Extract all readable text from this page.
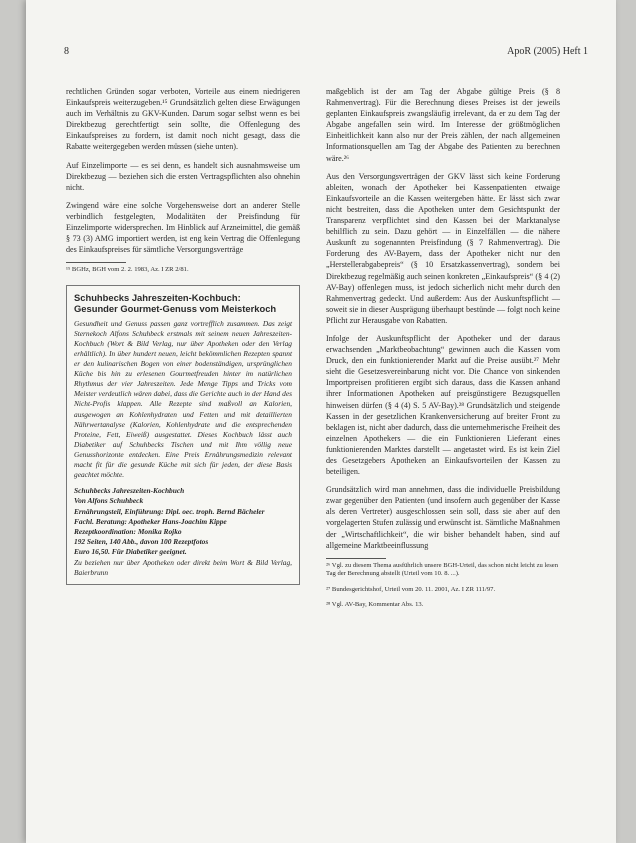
8	ApoR (2005) Heft 1

rechtlichen Gründen sogar verboten, Vorteile aus einem niedrigeren Einkaufspreis weiterzugeben.¹⁵ Grundsätzlich gelten diese Erwägungen auch im Verhältnis zu GKV-Kunden. Darum sogar selbst wenn es bei Direktbezug gerechtfertigt sein sollte, die Offenlegung des Einkaufspreises zu fordern, ist damit noch nicht gesagt, dass die Rabatte weitergegeben werden müssen (siehe unten).

Auf Einzelimporte — es sei denn, es handelt sich ausnahmsweise um Direktbezug — beziehen sich die ersten Vertragspflichten also ohnehin nicht.

Zwingend wäre eine solche Vorgehensweise dort an anderer Stelle verbindlich festgelegten, Modalitäten der Preisfindung für Einzelimporte widersprechen. Im Hinblick auf Arzneimittel, die gemäß § 73 (3) AMG importiert werden, ist eng kein Vertrag die Offenlegung des Einkaufspreises für sämtliche Versorgungsverträge

¹⁵ BGHz, BGH vom 2. 2. 1983, Az. I ZR 2/81.

Schuhbecks Jahreszeiten-Kochbuch:
Gesunder Gourmet-Genuss vom Meisterkoch
Gesundheit und Genuss passen ganz vortrefflich zusammen. Das zeigt Sternekoch Alfons Schuhbeck erstmals mit seinem neuen Jahreszeiten-Kochbuch (Wort & Bild Verlag, nur über Apotheken oder den Verlag erhältlich). In über hundert neuen, leicht bekömmlichen Rezepten spannt er den kulinarischen Bogen von einer bodenständigen, ursprünglichen Küche bis hin zu erlesenen Gourmetfreuden hinter im natürlichen Rhythmus der vier Jahreszeiten. Jede Menge Tipps und Tricks vom Meister verdeutlich wären dabei, dass die Gerichte auch in der Hand des Nicht-Profis klappen. Alle Rezepte sind maßvoll an Kalorien, ausgewogen an Kohlenhydraten und Fetten und mit detaillierten Nährwertanalyse (Kalorien, Kohlenhydrate und die entsprechenden Proteine, Fett, Eiweiß) ausgestattet. Dieses Kochbuch lässt auch Diabetiker auf Schuhbecks Tischen und mit Ihm völlig neue Genusshorizonte entdecken. Eine Preis Ernährungsmedizin relevant macht fit für die gesunde Küche mit sich für jeden, der diese Basis geachtet möchte.
Schuhbecks Jahreszeiten-Kochbuch
Von Alfons Schuhbeck
Ernährungsteil, Einführung: Dipl. oec. troph. Bernd Bächeler
Fachl. Beratung: Apotheker Hans-Joachim Kippe
Rezeptkoordination: Monika Rojko
192 Seiten, 140 Abb., davon 100 Rezeptfotos
Euro 16,50. Für Diabetiker geeignet.
Zu beziehen nur über Apotheken oder direkt beim Wort & Bild Verlag, Baierbrunn

maßgeblich ist der am Tag der Abgabe gültige Preis (§ 8 Rahmenvertrag). Für die Berechnung dieses Preises ist der jeweils geplanten Einkaufspreis zwangsläufig irrelevant, da er zu dem Tag der Abgabe angefallen sein wird. Im Interesse der größtmöglichen Einheitlichkeit kann also nur der Preis zählen, der nach allgemeinen Informationsquellen am Tag der Abgabe des Patienten zu berechnen wäre.²⁶

Aus den Versorgungsverträgen der GKV lässt sich keine Forderung ableiten, wonach der Apotheker bei Kassenpatienten etwaige Einkaufsvorteile an die Kassen weitergeben hätte. Er lässt sich zwar nicht bestreiten, dass die Apotheken unter dem Gesichtspunkt der Transparenz verpflichtet sind den Kassen bei der Marktanalyse behilflich zu sein. Dazu gehört — in Einzelfällen — die nähere Auskunft zu sogenannten Preisfindung (§ 7 Rahmenvertrag). Die Forderung des AV-Bayern, dass der Apotheker nicht nur den „Herstellerabgabepreis“ (§ 10 Ersatzkassenvertrag), sondern bei Direktbezug regelmäßig auch seinen konkreten „Einkaufspreis“ (§ 4 (2) AV-Bay) offenlegen muss, ist jedoch sicherlich nicht mehr durch den Rahmenvertrag gedeckt. Und außerdem: Aus der Auskunftspflicht — soweit sie in dieser Ausprägung überhaupt bestünde — folgt noch keine Pflicht zur Herausgabe von Rabatten.

Infolge der Auskunftspflicht der Apotheker und der daraus erwachsenden „Marktbeobachtung“ gewinnen auch die Kassen vom Druck, den ein funktionierender Markt auf die Preise ausübt.²⁷ Mehr sieht die Gesetzesvereinbarung nicht vor. Die Chance von sinkenden Importpreisen profitieren ergibt sich daraus, dass die Kassen anhand ihrer Informationen Apotheken auf preisgünstigere Bezugsquellen hinweisen dürfen (§ 4 (4) S. 5 AV-Bay).²⁸ Grundsätzlich und steigende Kassen in der gesetzlichen Krankenversicherung auf breiter Front zu beklagen ist, nicht aber dadurch, dass die unternehmerische Freiheit des einzelnen Apothekers — die ein Funktionieren Lieferant eines funktionierenden Marktes darstellt — angetastet wird. Es ist kein Ziel des Gesetzgebers Apotheken an Einkaufsvorteilen der Kassen zu beteiligen.

Grundsätzlich wird man annehmen, dass die individuelle Preisbildung zwar gegenüber den Patienten (und insofern auch gegenüber der Kasse als deren Vertreter) ausgeschlossen sein soll, dass sie aber auf den vorgelagerten Stufen zulässig und erwünscht ist. Sämtliche Maßnahmen der „Wirtschaftlichkeit“, die wir bisher behandelt haben, sind auf allgemeine Marktbeeinflussung

²⁶ Vgl. zu diesem Thema ausführlich unsere BGH-Urteil, das schon nicht leicht zu lesen Tag der Berechnung abstellt (Urteil vom 10. 8. ...).

²⁷ Bundesgerichtshof, Urteil vom 20. 11. 2001, Az. I ZR 111/97.

²⁸ Vgl. AV-Bay, Kommentar Abs. 13.
